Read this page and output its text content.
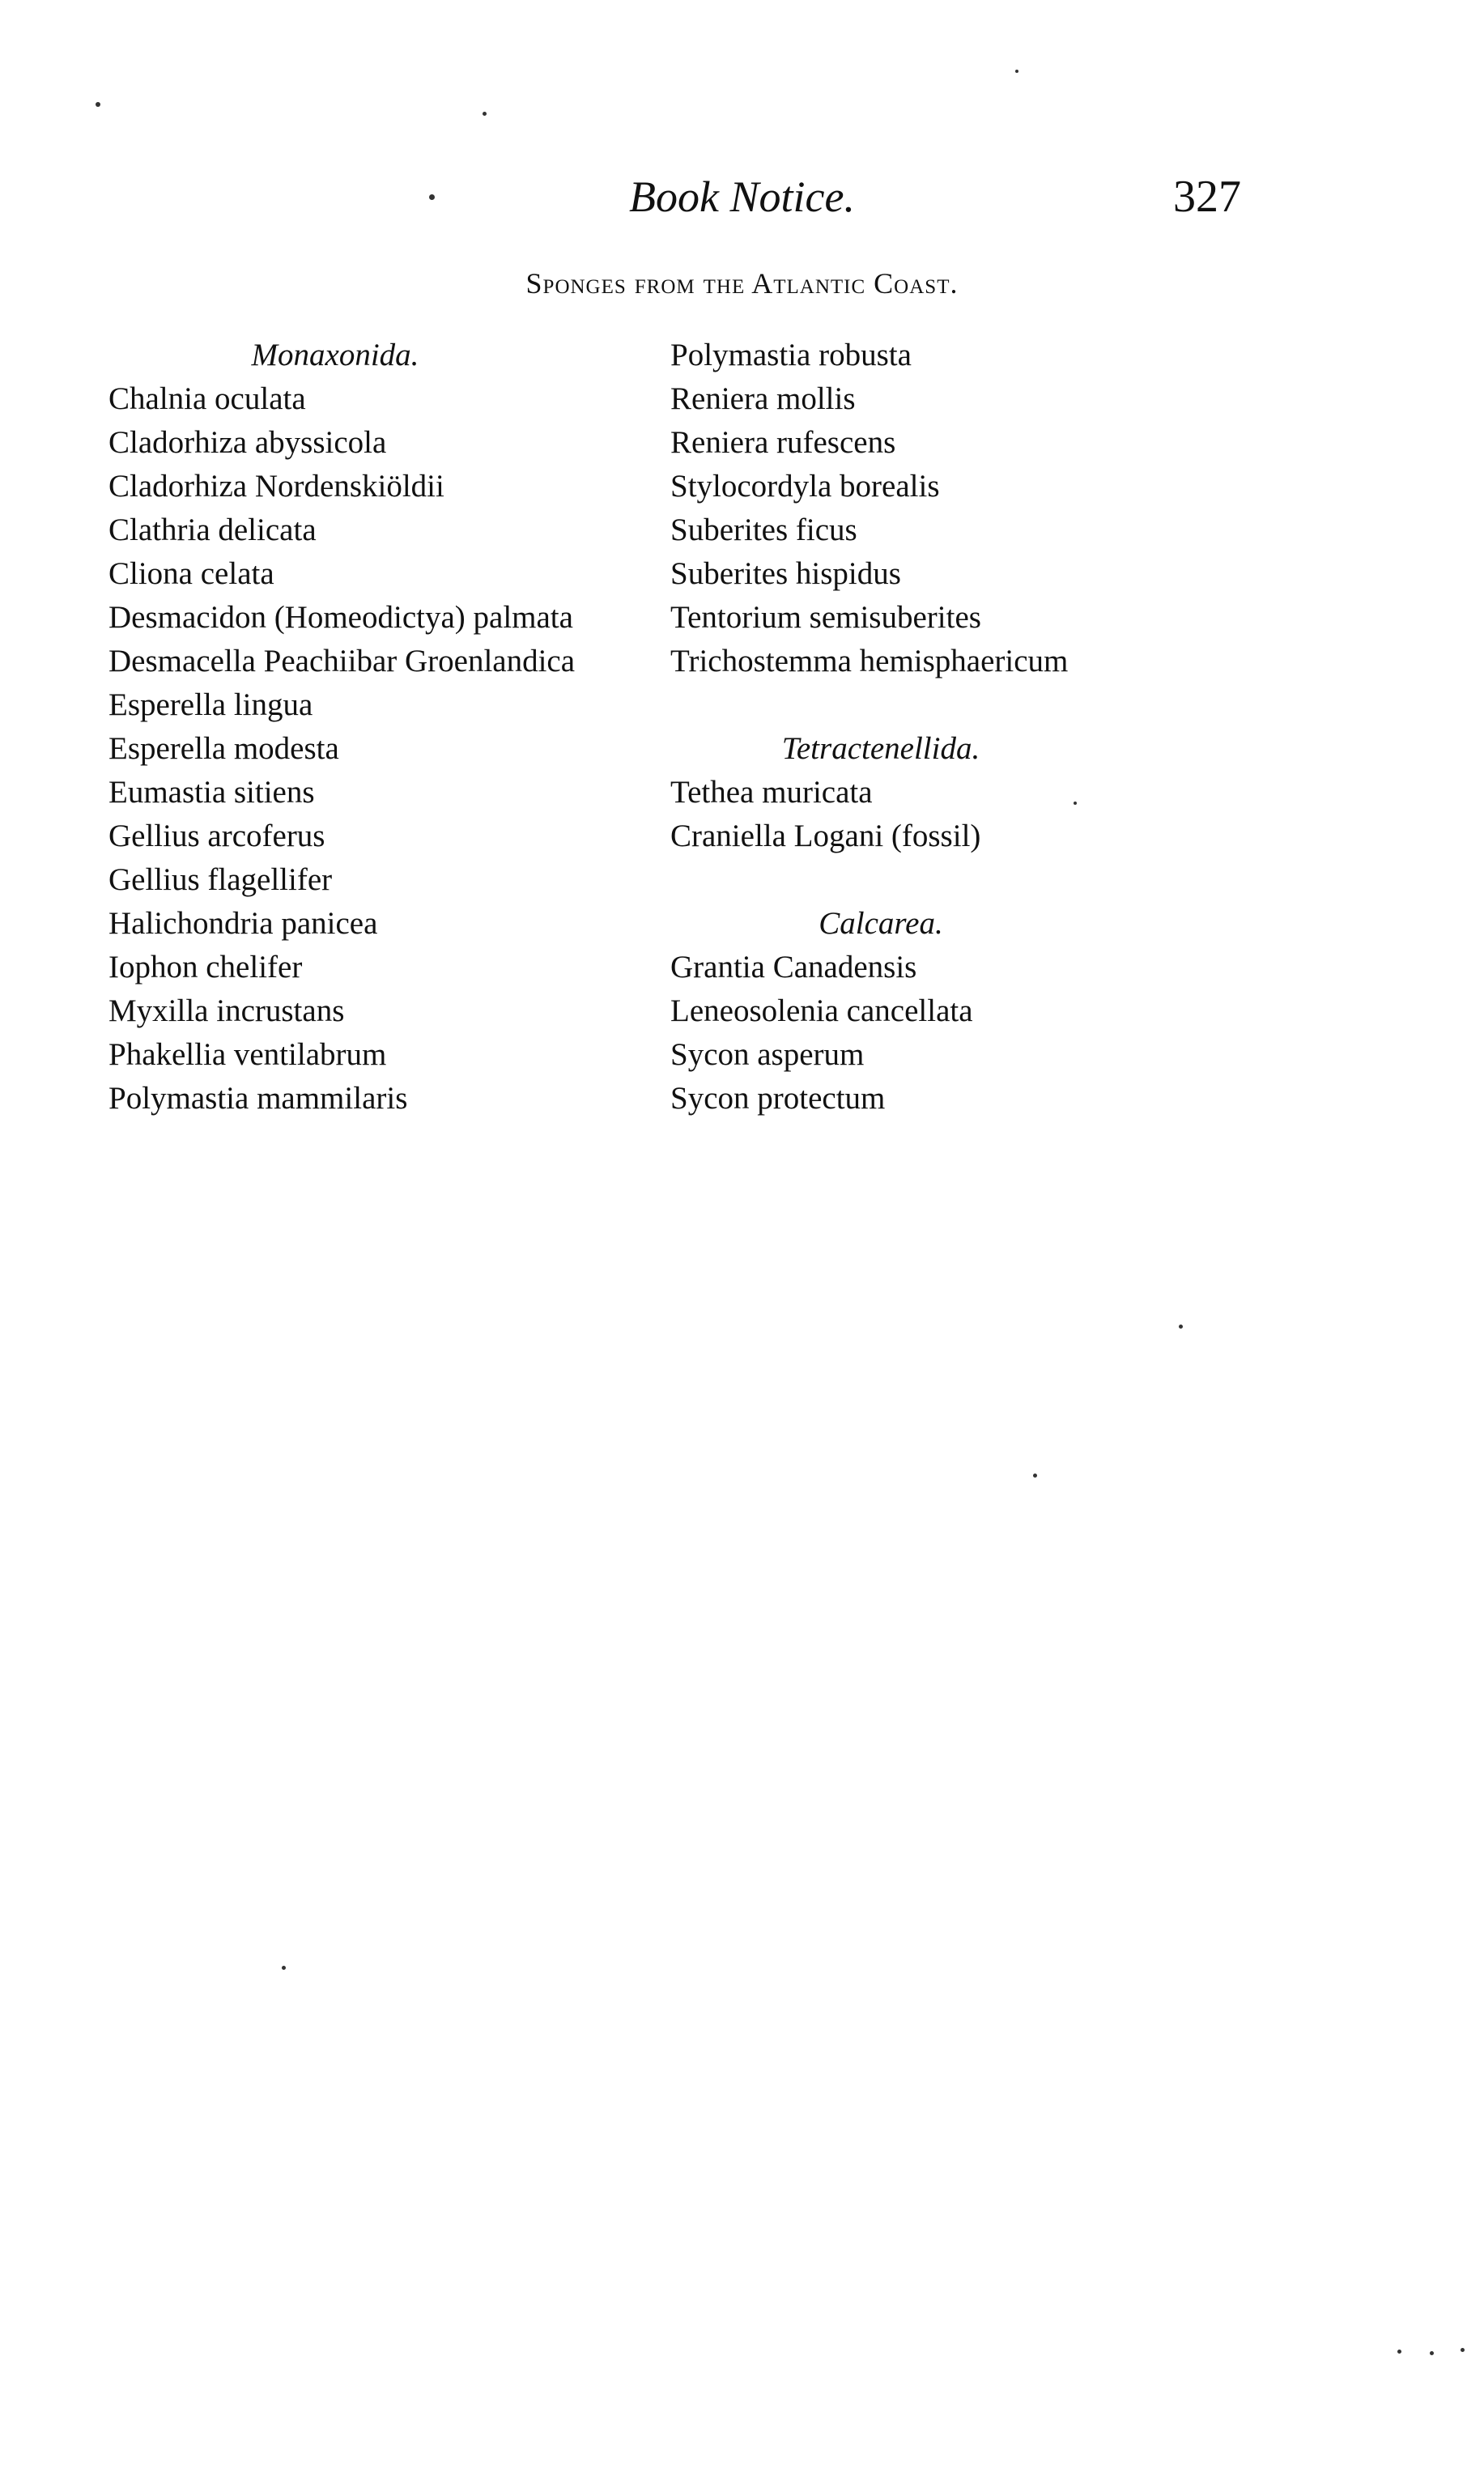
Book Notice.	327
Sponges from the Atlantic Coast.
Monaxonida.
Chalnia oculata
Cladorhiza abyssicola
Cladorhiza Nordenskiöldii
Clathria delicata
Cliona celata
Desmacidon (Homeodictya) palmata
Desmacella Peachiibar Groenlandica
Esperella lingua
Esperella modesta
Eumastia sitiens
Gellius arcoferus
Gellius flagellifer
Halichondria panicea
Iophon chelifer
Myxilla incrustans
Phakellia ventilabrum
Polymastia mammilaris
Polymastia robusta
Reniera mollis
Reniera rufescens
Stylocordyla borealis
Suberites ficus
Suberites hispidus
Tentorium semisuberites
Trichostemma hemisphaericum
Tetractenellida.
Tethea muricata
Craniella Logani (fossil)
Calcarea.
Grantia Canadensis
Leneosolenia cancellata
Sycon asperum
Sycon protectum
